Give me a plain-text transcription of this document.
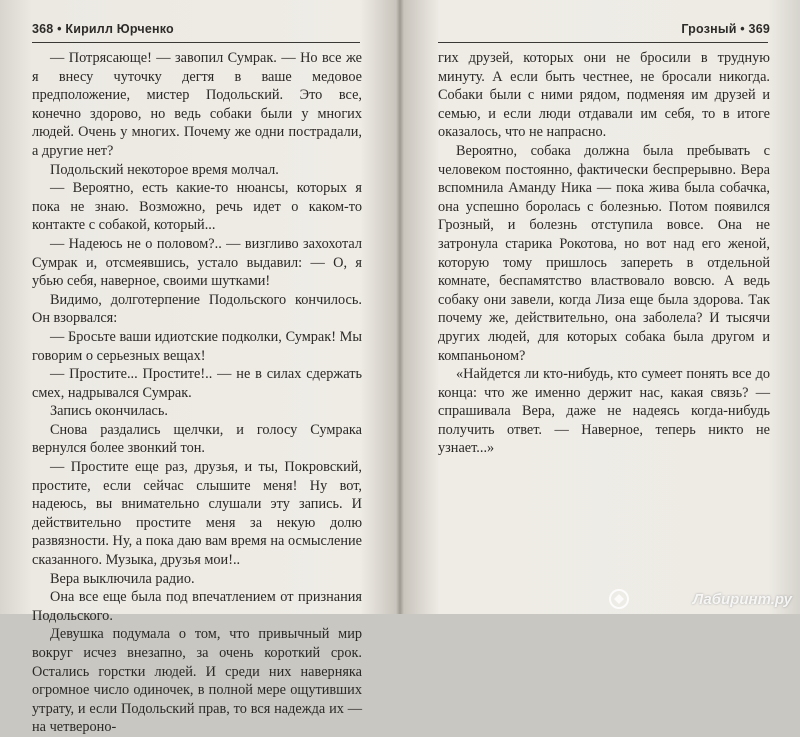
368 • Кирилл Юрченко

— Потрясающе! — завопил Сумрак. — Но все же я внесу чуточку дегтя в ваше медовое предположение, мистер Подольский. Это все, конечно здорово, но ведь собаки были у многих людей. Очень у многих. Почему же одни пострадали, а другие нет?

Подольский некоторое время молчал.

— Вероятно, есть какие-то нюансы, которых я пока не знаю. Возможно, речь идет о каком-то контакте с собакой, который...

— Надеюсь не о половом?.. — визгливо захохотал Сумрак и, отсмеявшись, устало выдавил: — О, я убью себя, наверное, своими шутками!

Видимо, долготерпение Подольского кончилось. Он взорвался:

— Бросьте ваши идиотские подколки, Сумрак! Мы говорим о серьезных вещах!

— Простите... Простите!.. — не в силах сдержать смех, надрывался Сумрак.

Запись окончилась.

Снова раздались щелчки, и голосу Сумрака вернулся более звонкий тон.

— Простите еще раз, друзья, и ты, Покровский, простите, если сейчас слышите меня! Ну вот, надеюсь, вы внимательно слушали эту запись. И действительно простите меня за некую долю развязности. Ну, а пока даю вам время на осмысление сказанного. Музыка, друзья мои!..

Вера выключила радио.

Она все еще была под впечатлением от признания Подольского.

Девушка подумала о том, что привычный мир вокруг исчез внезапно, за очень короткий срок. Остались горстки людей. И среди них наверняка огромное число одиночек, в полной мере ощутивших утрату, и если Подольский прав, то вся надежда их — на четвероно-

Грозный • 369

гих друзей, которых они не бросили в трудную минуту. А если быть честнее, не бросали никогда. Собаки были с ними рядом, подменяя им друзей и семью, и если люди отдавали им себя, то в итоге оказалось, что не напрасно.

Вероятно, собака должна была пребывать с человеком постоянно, фактически беспрерывно. Вера вспомнила Аманду Ника — пока жива была собачка, она успешно боролась с болезнью. Потом появился Грозный, и болезнь отступила вовсе. Она не затронула старика Рокотова, но вот над его женой, которую тому пришлось запереть в отдельной комнате, беспамятство властвовало вовсю. А ведь собаку они завели, когда Лиза еще была здорова. Так почему же, действительно, она заболела? И тысячи других людей, для которых собака была другом и компаньоном?

«Найдется ли кто-нибудь, кто сумеет понять все до конца: что же именно держит нас, какая связь? — спрашивала Вера, даже не надеясь когда-нибудь получить ответ. — Наверное, теперь никто не узнает...»

Лабиринт.ру
